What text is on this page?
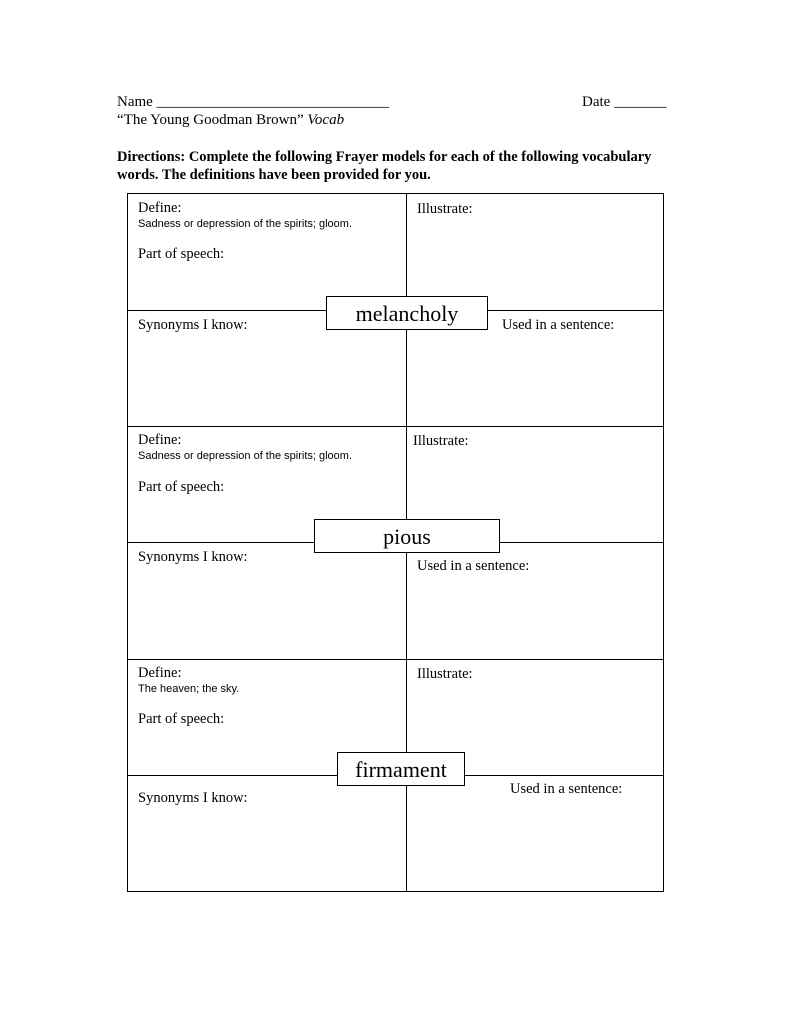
Name _______________________________	Date _______
“The Young Goodman Brown” Vocab
Directions: Complete the following Frayer models for each of the following vocabulary words. The definitions have been provided for you.
Define:
Sadness or depression of the spirits; gloom.
Part of speech:
Illustrate:
Synonyms I know:	Used in a sentence:
melancholy
Define:
Sadness or depression of the spirits; gloom.
Part of speech:
Illustrate:
Synonyms I know:
Used in a sentence:
pious
Define:
The heaven; the sky.
Part of speech:
Illustrate:
Synonyms I know:
Used in a sentence:
firmament
